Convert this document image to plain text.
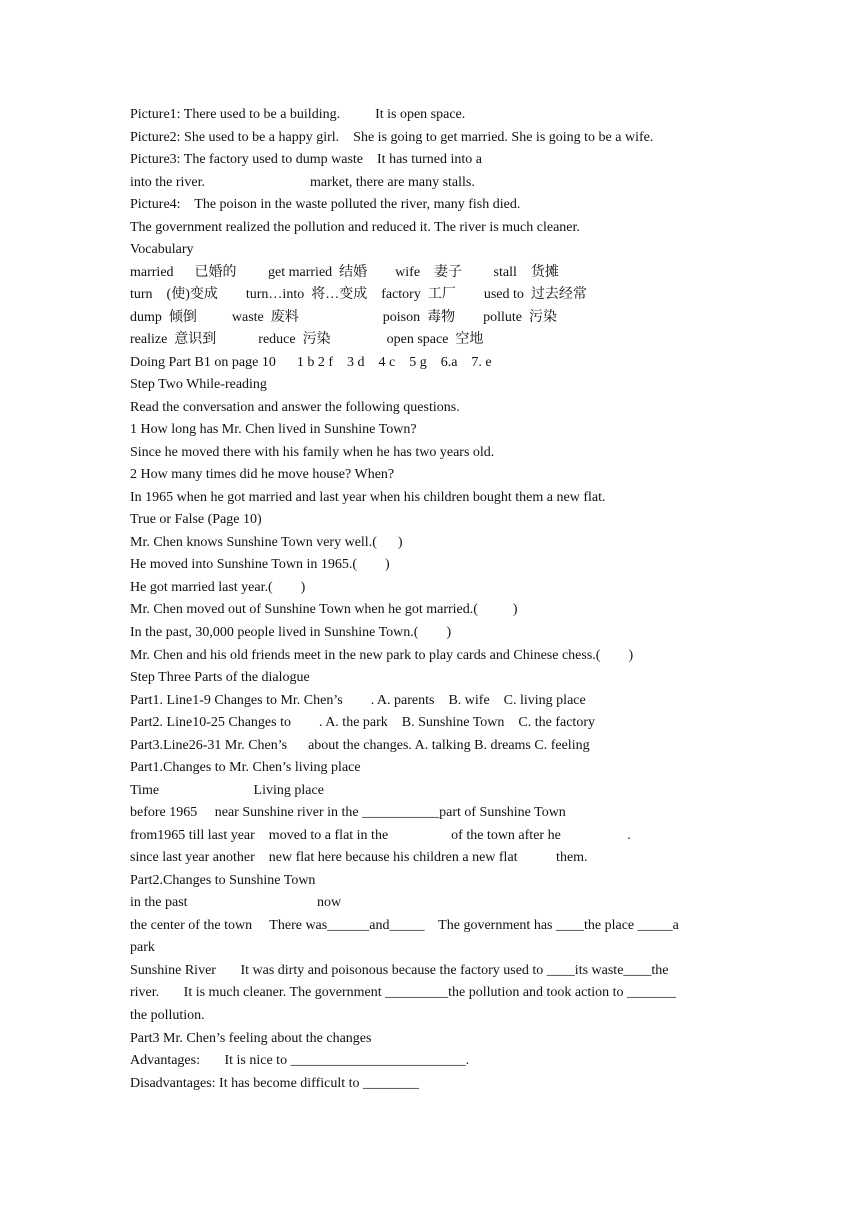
Picture1: There used to be a building.          It is open space.
Picture2: She used to be a happy girl.    She is going to get married. She is going to be a wife.
Picture3: The factory used to dump waste    It has turned into a
into the river.                              market, there are many stalls.
Picture4:    The poison in the waste polluted the river, many fish died.
The government realized the pollution and reduced it. The river is much cleaner.
Vocabulary
married      已婚的         get married  结婚        wife    妻子         stall    货摊
turn    (使)变成        turn…into  将…变成    factory  工厂        used to  过去经常
dump  倾倒          waste  废料                        poison  毒物        pollute  污染
realize  意识到            reduce  污染                open space  空地
Doing Part B1 on page 10      1 b 2 f    3 d    4 c    5 g    6.a    7. e
Step Two While-reading
Read the conversation and answer the following questions.
1 How long has Mr. Chen lived in Sunshine Town?
Since he moved there with his family when he has two years old.
2 How many times did he move house? When?
In 1965 when he got married and last year when his children bought them a new flat.
True or False (Page 10)
Mr. Chen knows Sunshine Town very well.(      )
He moved into Sunshine Town in 1965.(        )
He got married last year.(        )
Mr. Chen moved out of Sunshine Town when he got married.(          )
In the past, 30,000 people lived in Sunshine Town.(        )
Mr. Chen and his old friends meet in the new park to play cards and Chinese chess.(        )
Step Three Parts of the dialogue
Part1. Line1-9 Changes to Mr. Chen’s        . A. parents    B. wife    C. living place
Part2. Line10-25 Changes to        . A. the park    B. Sunshine Town    C. the factory
Part3.Line26-31 Mr. Chen’s      about the changes. A. talking B. dreams C. feeling
Part1.Changes to Mr. Chen’s living place
Time                           Living place
before 1965     near Sunshine river in the ___________part of Sunshine Town
from1965 till last year    moved to a flat in the                  of the town after he                   .
since last year another    new flat here because his children a new flat           them.
Part2.Changes to Sunshine Town
in the past                                     now
the center of the town     There was______and_____    The government has ____the place _____a
park
Sunshine River       It was dirty and poisonous because the factory used to ____its waste____the
river.       It is much cleaner. The government _________the pollution and took action to _______
the pollution.
Part3 Mr. Chen’s feeling about the changes
Advantages:       It is nice to _________________________.
Disadvantages: It has become difficult to ________
